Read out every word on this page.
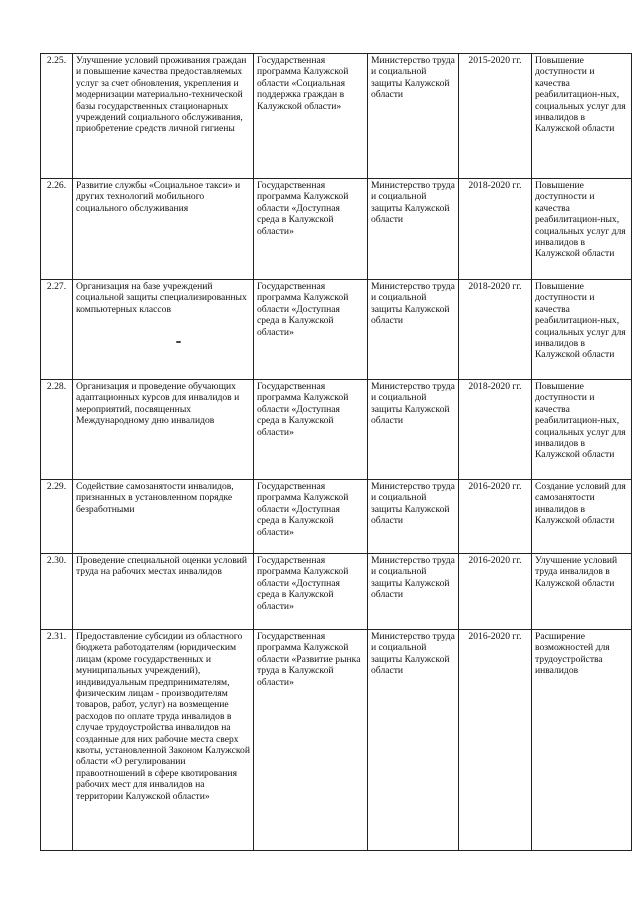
2.25.	Улучшение условий проживания граждан и повышение качества предоставляемых услуг за счет обновления, укрепления и модернизации материально-технической базы государственных стационарных учреждений социального обслуживания, приобретение средств личной гигиены	Государственная программа Калужской области «Социальная поддержка граждан в Калужской области»	Министерство труда и социальной защиты Калужской области	2015-2020 гг.	Повышение доступности и качества реабилитацион-ных, социальных услуг для инвалидов в Калужской области
2.26.	Развитие службы «Социальное такси» и других технологий мобильного социального обслуживания	Государственная программа Калужской области «Доступная среда в Калужской области»	Министерство труда и социальной защиты Калужской области	2018-2020 гг.	Повышение доступности и качества реабилитацион-ных, социальных услуг для инвалидов в Калужской области
2.27.	Организация на базе учреждений социальной защиты специализированных компьютерных классов	Государственная программа Калужской области «Доступная среда в Калужской области»	Министерство труда и социальной защиты Калужской области	2018-2020 гг.	Повышение доступности и качества реабилитацион-ных, социальных услуг для инвалидов в Калужской области
2.28.	Организация и проведение обучающих адаптационных курсов для инвалидов и мероприятий, посвященных Международному дню инвалидов	Государственная программа Калужской области «Доступная среда в Калужской области»	Министерство труда и социальной защиты Калужской области	2018-2020 гг.	Повышение доступности и качества реабилитацион-ных, социальных услуг для инвалидов в Калужской области
2.29.	Содействие самозанятости инвалидов, признанных в установленном порядке безработными	Государственная программа Калужской области «Доступная среда в Калужской области»	Министерство труда и социальной защиты Калужской области	2016-2020 гг.	Создание условий для самозанятости инвалидов в Калужской области
2.30.	Проведение специальной оценки условий труда на рабочих местах инвалидов	Государственная программа Калужской области «Доступная среда в Калужской области»	Министерство труда и социальной защиты Калужской области	2016-2020 гг.	Улучшение условий труда инвалидов в Калужской области
2.31.	Предоставление субсидии из областного бюджета работодателям (юридическим лицам (кроме государственных и муниципальных учреждений), индивидуальным предпринимателям, физическим лицам - производителям товаров, работ, услуг) на возмещение расходов по оплате труда инвалидов в случае трудоустройства инвалидов на созданные для них рабочие места сверх квоты, установленной Законом Калужской области «О регулировании правоотношений в сфере квотирования рабочих мест для инвалидов на территории Калужской области»	Государственная программа Калужской области «Развитие рынка труда в Калужской области»	Министерство труда и социальной защиты Калужской области	2016-2020 гг.	Расширение возможностей для трудоустройства инвалидов
